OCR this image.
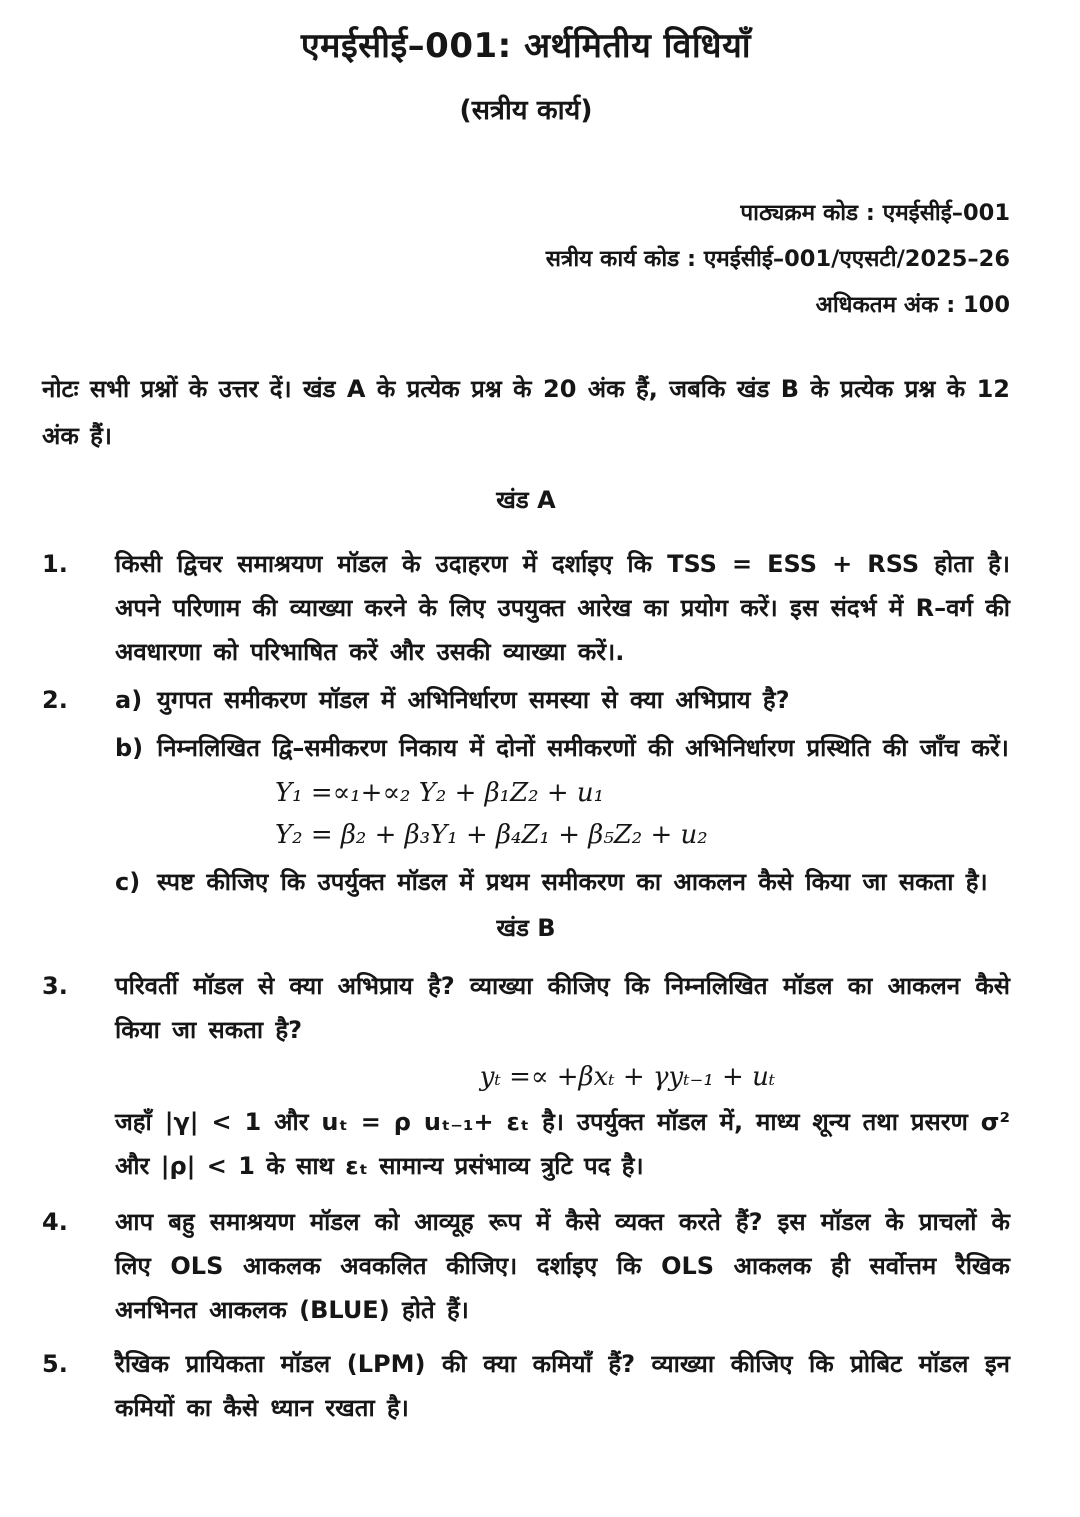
एमईसीई–001: अर्थमितीय विधियाँ
(सत्रीय कार्य)
पाठ्यक्रम कोड : एमईसीई–001
सत्रीय कार्य कोड : एमईसीई–001/एएसटी/2025–26
अधिकतम अंक : 100

नोटः सभी प्रश्नों के उत्तर दें। खंड A के प्रत्येक प्रश्न के 20 अंक हैं, जबकि खंड B के प्रत्येक प्रश्न के 12 अंक हैं।

खंड A
1.	किसी द्विचर समाश्रयण मॉडल के उदाहरण में दर्शाइए कि TSS = ESS + RSS होता है। अपने परिणाम की व्याख्या करने के लिए उपयुक्त आरेख का प्रयोग करें। इस संदर्भ में R–वर्ग की अवधारणा को परिभाषित करें और उसकी व्याख्या करें।.
2.	a) युगपत समीकरण मॉडल में अभिनिर्धारण समस्या से क्या अभिप्राय है?
b) निम्नलिखित द्वि–समीकरण निकाय में दोनों समीकरणों की अभिनिर्धारण प्रस्थिति की जाँच करें।
Y₁ =∝₁+∝₂ Y₂ + β₁Z₂ + u₁
Y₂ = β₂ + β₃Y₁ + β₄Z₁ + β₅Z₂ + u₂
c) स्पष्ट कीजिए कि उपर्युक्त मॉडल में प्रथम समीकरण का आकलन कैसे किया जा सकता है।
खंड B
3.	परिवर्ती मॉडल से क्या अभिप्राय है? व्याख्या कीजिए कि निम्नलिखित मॉडल का आकलन कैसे किया जा सकता है?
yₜ =∝ +βxₜ + γyₜ₋₁ + uₜ
जहाँ |γ| < 1 और uₜ = ρ uₜ₋₁+ εₜ है। उपर्युक्त मॉडल में, माध्य शून्य तथा प्रसरण σ² और |ρ| < 1 के साथ εₜ सामान्य प्रसंभाव्य त्रुटि पद है।
4.	आप बहु समाश्रयण मॉडल को आव्यूह रूप में कैसे व्यक्त करते हैं? इस मॉडल के प्राचलों के लिए OLS आकलक अवकलित कीजिए। दर्शाइए कि OLS आकलक ही सर्वोत्तम रैखिक अनभिनत आकलक (BLUE) होते हैं।
5.	रैखिक प्रायिकता मॉडल (LPM) की क्या कमियाँ हैं? व्याख्या कीजिए कि प्रोबिट मॉडल इन कमियों का कैसे ध्यान रखता है।
